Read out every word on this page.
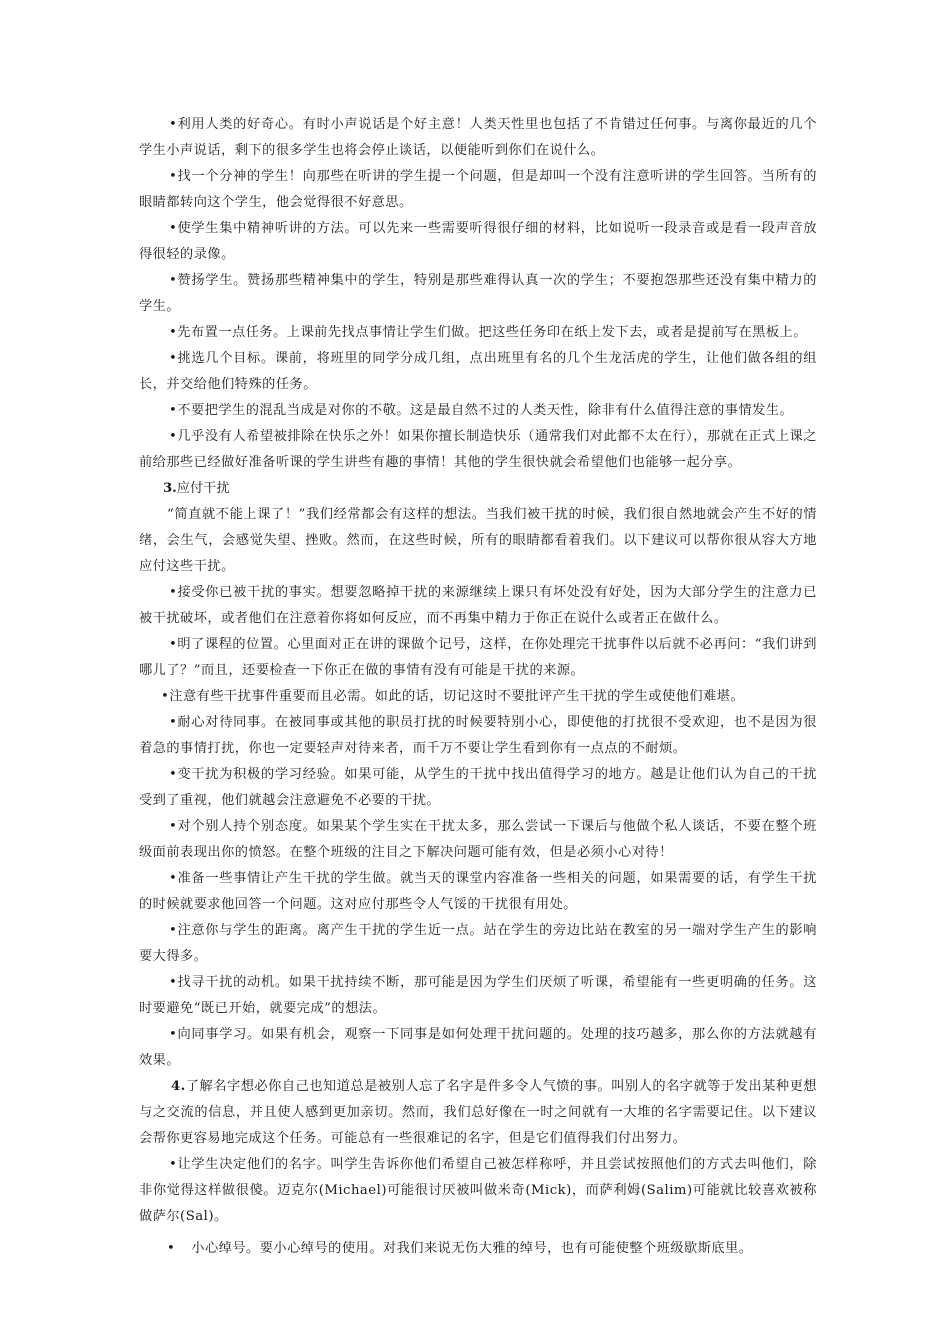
•利用人类的好奇心。有时小声说话是个好主意！人类天性里也包括了不肯错过任何事。与离你最近的几个学生小声说话，剩下的很多学生也将会停止谈话，以便能听到你们在说什么。

•找一个分神的学生！向那些在听讲的学生提一个问题，但是却叫一个没有注意听讲的学生回答。当所有的眼睛都转向这个学生，他会觉得很不好意思。

•使学生集中精神听讲的方法。可以先来一些需要听得很仔细的材料，比如说听一段录音或是看一段声音放得很轻的录像。

•赞扬学生。赞扬那些精神集中的学生，特别是那些难得认真一次的学生；不要抱怨那些还没有集中精力的学生。

•先布置一点任务。上课前先找点事情让学生们做。把这些任务印在纸上发下去，或者是提前写在黑板上。

•挑选几个目标。课前，将班里的同学分成几组，点出班里有名的几个生龙活虎的学生，让他们做各组的组长，并交给他们特殊的任务。

•不要把学生的混乱当成是对你的不敬。这是最自然不过的人类天性，除非有什么值得注意的事情发生。

•几乎没有人希望被排除在快乐之外！如果你擅长制造快乐（通常我们对此都不太在行），那就在正式上课之前给那些已经做好准备听课的学生讲些有趣的事情！其他的学生很快就会希望他们也能够一起分享。

3.应付干扰

“简直就不能上课了！”我们经常都会有这样的想法。当我们被干扰的时候，我们很自然地就会产生不好的情绪，会生气，会感觉失望、挫败。然而，在这些时候，所有的眼睛都看着我们。以下建议可以帮你很从容大方地应付这些干扰。

•接受你已被干扰的事实。想要忽略掉干扰的来源继续上课只有坏处没有好处，因为大部分学生的注意力已被干扰破坏，或者他们在注意着你将如何反应，而不再集中精力于你正在说什么或者正在做什么。

•明了课程的位置。心里面对正在讲的课做个记号，这样，在你处理完干扰事件以后就不必再问：“我们讲到哪儿了？”而且，还要检查一下你正在做的事情有没有可能是干扰的来源。

•注意有些干扰事件重要而且必需。如此的话，切记这时不要批评产生干扰的学生或使他们难堪。

•耐心对待同事。在被同事或其他的职员打扰的时候要特别小心，即使他的打扰很不受欢迎，也不是因为很着急的事情打扰，你也一定要轻声对待来者，而千万不要让学生看到你有一点点的不耐烦。

•变干扰为积极的学习经验。如果可能，从学生的干扰中找出值得学习的地方。越是让他们认为自己的干扰受到了重视，他们就越会注意避免不必要的干扰。

•对个别人持个别态度。如果某个学生实在干扰太多，那么尝试一下课后与他做个私人谈话，不要在整个班级面前表现出你的愤怒。在整个班级的注目之下解决问题可能有效，但是必须小心对待！

•准备一些事情让产生干扰的学生做。就当天的课堂内容准备一些相关的问题，如果需要的话，有学生干扰的时候就要求他回答一个问题。这对应付那些令人气馁的干扰很有用处。

•注意你与学生的距离。离产生干扰的学生近一点。站在学生的旁边比站在教室的另一端对学生产生的影响要大得多。

•找寻干扰的动机。如果干扰持续不断，那可能是因为学生们厌烦了听课，希望能有一些更明确的任务。这时要避免“既已开始，就要完成”的想法。

•向同事学习。如果有机会，观察一下同事是如何处理干扰问题的。处理的技巧越多，那么你的方法就越有效果。

4.了解名字想必你自己也知道总是被别人忘了名字是件多令人气愤的事。叫别人的名字就等于发出某种更想与之交流的信息，并且使人感到更加亲切。然而，我们总好像在一时之间就有一大堆的名字需要记住。以下建议会帮你更容易地完成这个任务。可能总有一些很难记的名字，但是它们值得我们付出努力。

•让学生决定他们的名字。叫学生告诉你他们希望自己被怎样称呼，并且尝试按照他们的方式去叫他们，除非你觉得这样做很傻。迈克尔(Michael)可能很讨厌被叫做米奇(Mick)，而萨利姆(Salim)可能就比较喜欢被称做萨尔(Sal)。

• 小心绰号。要小心绰号的使用。对我们来说无伤大雅的绰号，也有可能使整个班级歇斯底里。
